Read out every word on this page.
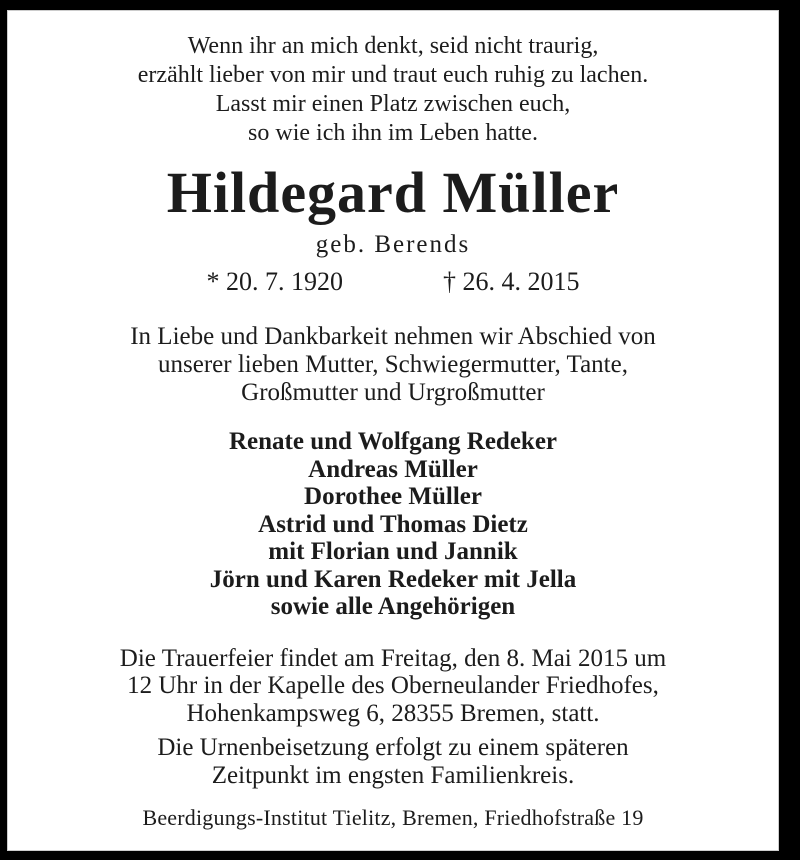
Wenn ihr an mich denkt, seid nicht traurig,
erzählt lieber von mir und traut euch ruhig zu lachen.
Lasst mir einen Platz zwischen euch,
so wie ich ihn im Leben hatte.
Hildegard Müller
geb. Berends
* 20. 7. 1920	† 26. 4. 2015
In Liebe und Dankbarkeit nehmen wir Abschied von
unserer lieben Mutter, Schwiegermutter, Tante,
Großmutter und Urgroßmutter
Renate und Wolfgang Redeker
Andreas Müller
Dorothee Müller
Astrid und Thomas Dietz
mit Florian und Jannik
Jörn und Karen Redeker mit Jella
sowie alle Angehörigen
Die Trauerfeier findet am Freitag, den 8. Mai 2015 um
12 Uhr in der Kapelle des Oberneulander Friedhofes,
Hohenkampsweg 6, 28355 Bremen, statt.
Die Urnenbeisetzung erfolgt zu einem späteren
Zeitpunkt im engsten Familienkreis.
Beerdigungs-Institut Tielitz, Bremen, Friedhofstraße 19
